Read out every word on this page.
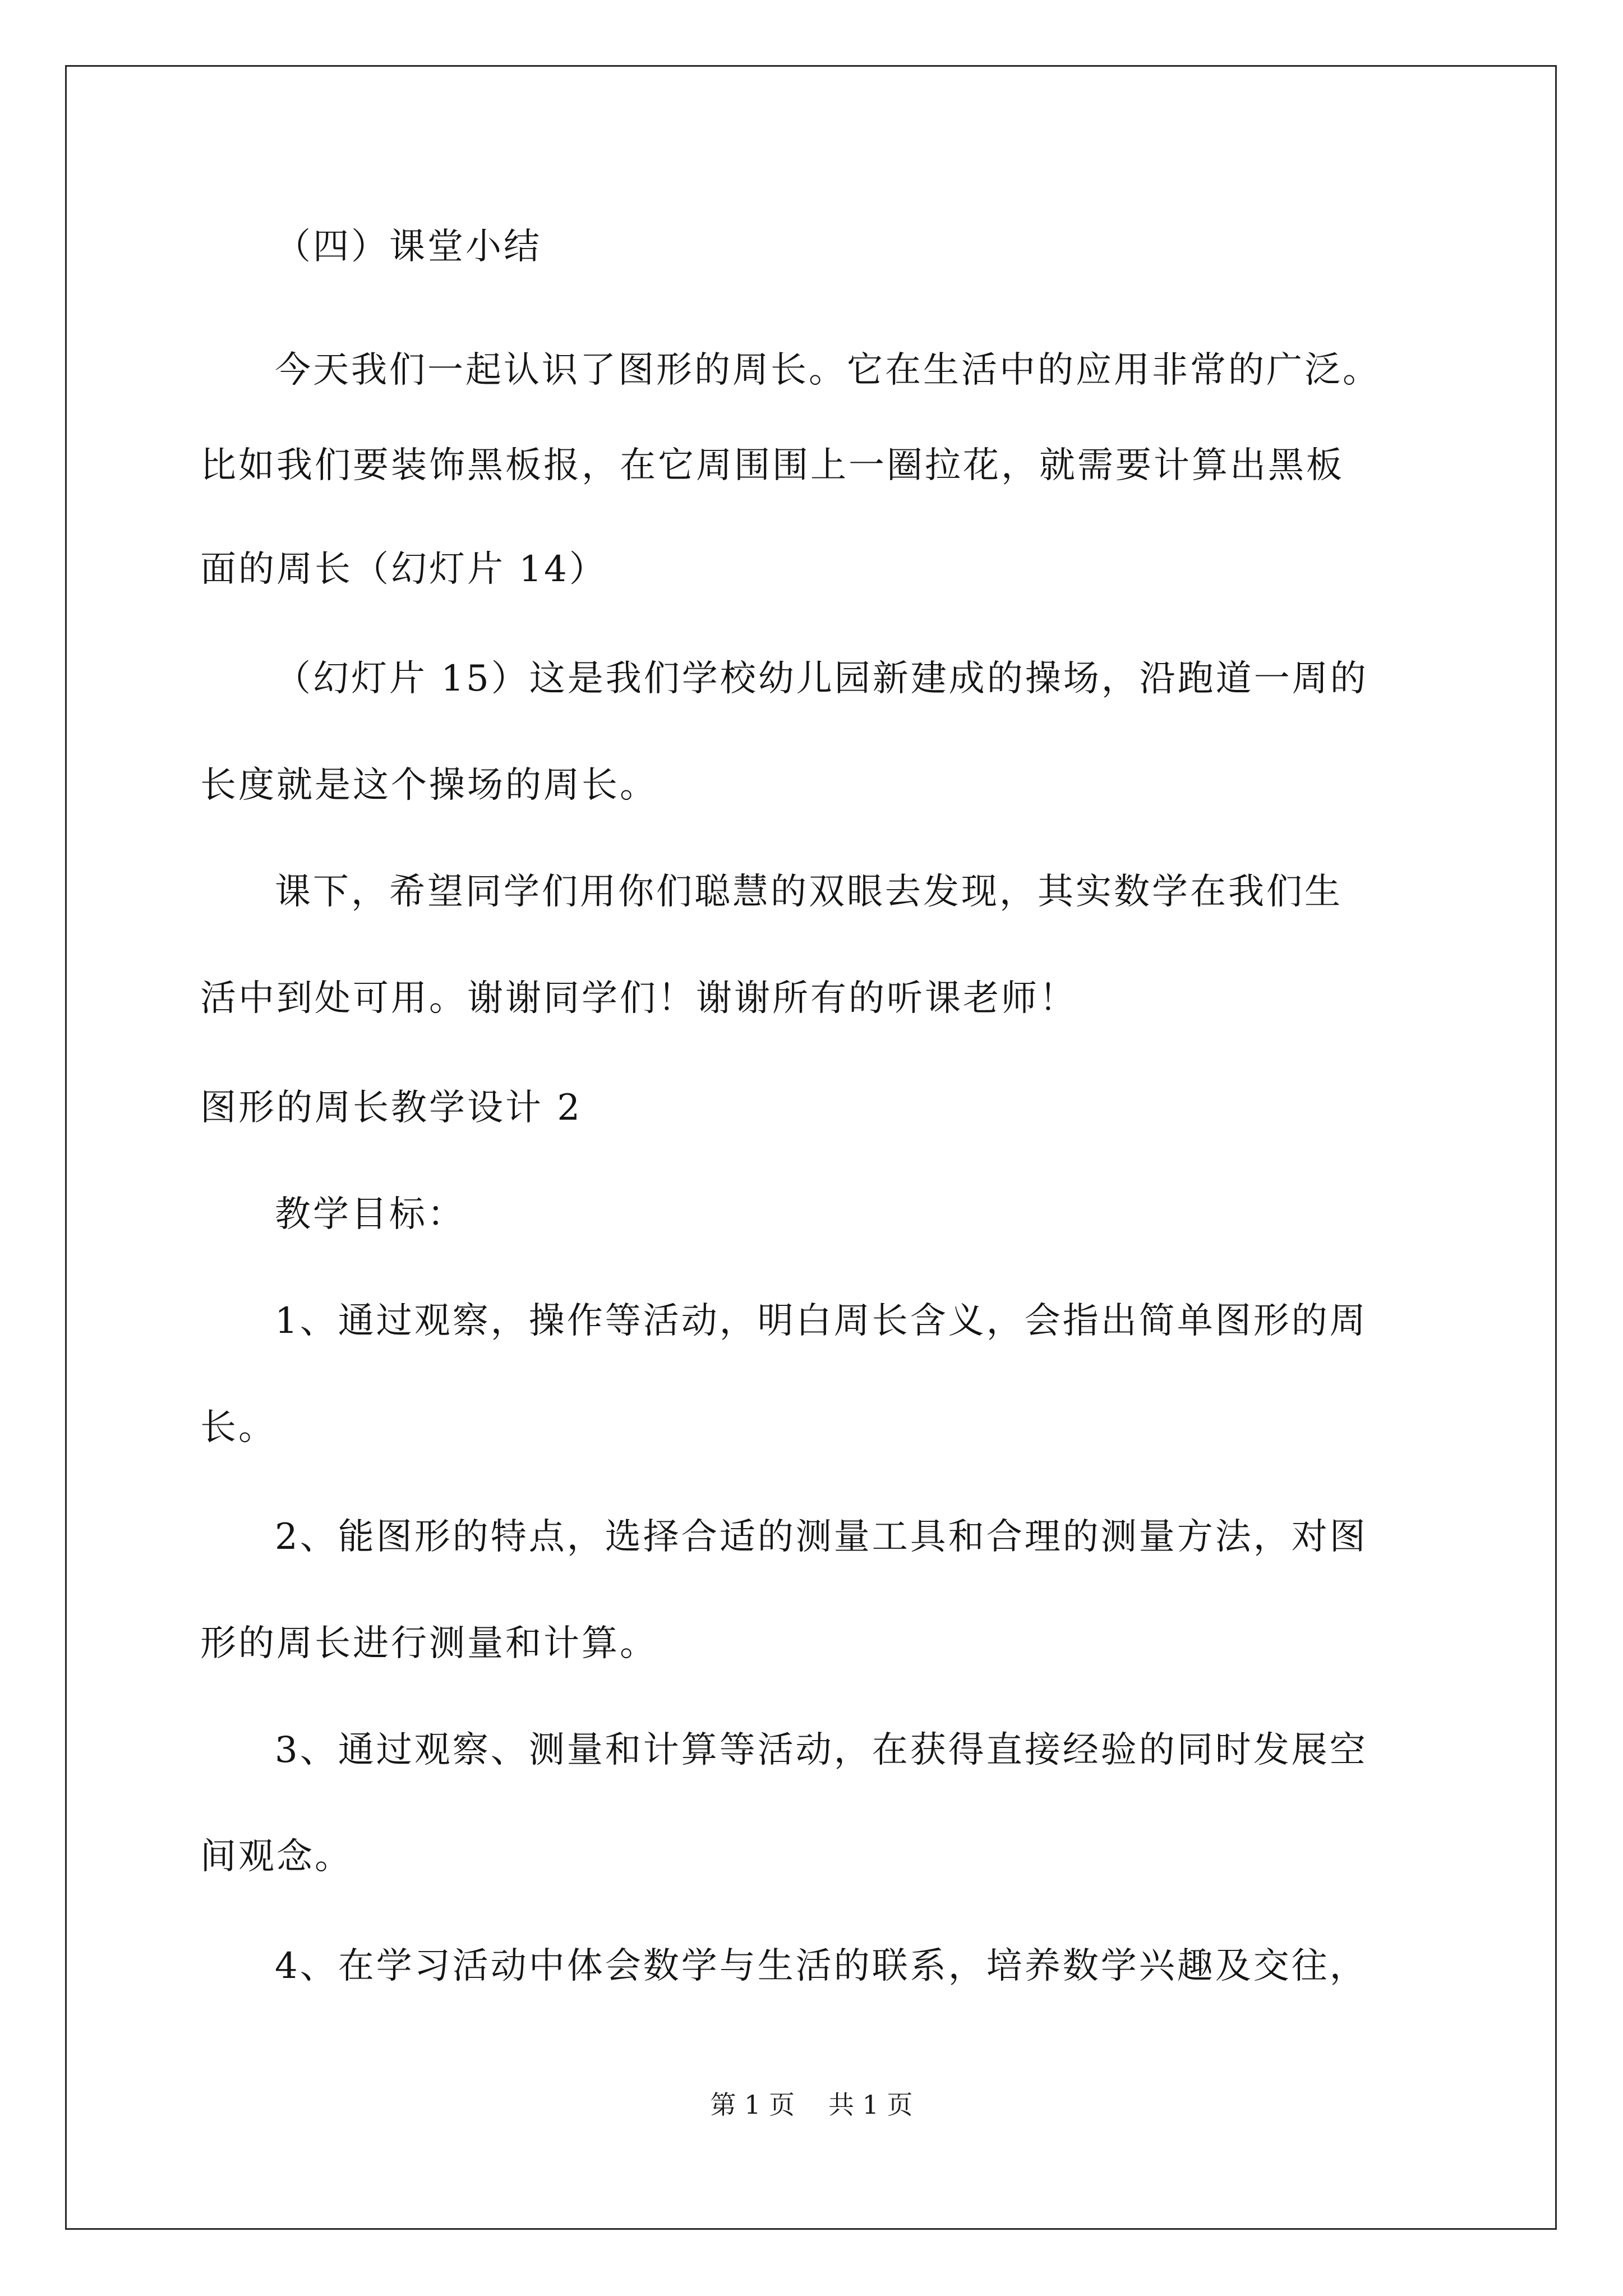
（四）课堂小结
今天我们一起认识了图形的周长。它在生活中的应用非常的广泛。
比如我们要装饰黑板报，在它周围围上一圈拉花，就需要计算出黑板
面的周长（幻灯片 14）
（幻灯片 15）这是我们学校幼儿园新建成的操场，沿跑道一周的
长度就是这个操场的周长。
课下，希望同学们用你们聪慧的双眼去发现，其实数学在我们生
活中到处可用。谢谢同学们！谢谢所有的听课老师！
图形的周长教学设计 2
教学目标：
1、通过观察，操作等活动，明白周长含义，会指出简单图形的周
长。
2、能图形的特点，选择合适的测量工具和合理的测量方法，对图
形的周长进行测量和计算。
3、通过观察、测量和计算等活动，在获得直接经验的同时发展空
间观念。
4、在学习活动中体会数学与生活的联系，培养数学兴趣及交往，
第 1 页 共 1 页
